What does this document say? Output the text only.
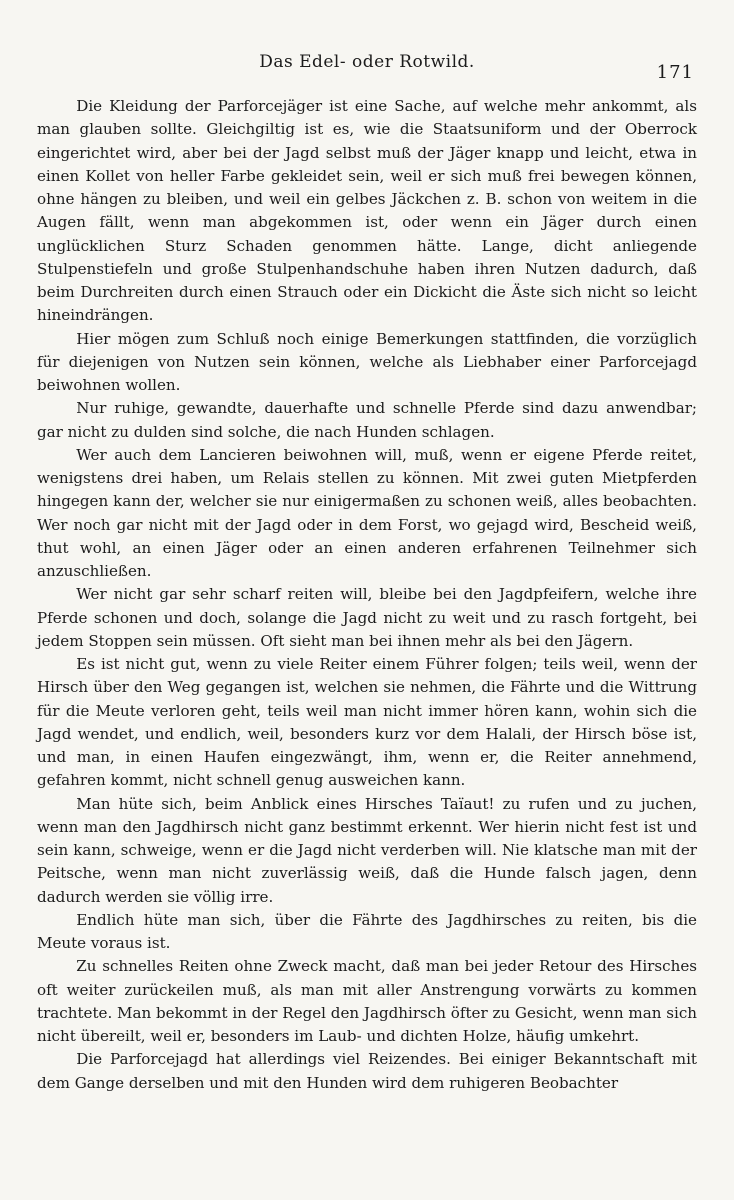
Das Edel- oder Rotwild.	171

Die Kleidung der Parforcejäger ist eine Sache, auf welche mehr ankommt, als man glauben sollte. Gleichgiltig ist es, wie die Staatsuniform und der Oberrock eingerichtet wird, aber bei der Jagd selbst muß der Jäger knapp und leicht, etwa in einen Kollet von heller Farbe gekleidet sein, weil er sich muß frei bewegen können, ohne hängen zu bleiben, und weil ein gelbes Jäckchen z. B. schon von weitem in die Augen fällt, wenn man abgekommen ist, oder wenn ein Jäger durch einen unglücklichen Sturz Schaden genommen hätte. Lange, dicht anliegende Stulpenstiefeln und große Stulpenhandschuhe haben ihren Nutzen dadurch, daß beim Durchreiten durch einen Strauch oder ein Dickicht die Äste sich nicht so leicht hineindrängen.

Hier mögen zum Schluß noch einige Bemerkungen stattfinden, die vorzüglich für diejenigen von Nutzen sein können, welche als Liebhaber einer Parforcejagd beiwohnen wollen.

Nur ruhige, gewandte, dauerhafte und schnelle Pferde sind dazu anwendbar; gar nicht zu dulden sind solche, die nach Hunden schlagen.

Wer auch dem Lancieren beiwohnen will, muß, wenn er eigene Pferde reitet, wenigstens drei haben, um Relais stellen zu können. Mit zwei guten Mietpferden hingegen kann der, welcher sie nur einigermaßen zu schonen weiß, alles beobachten. Wer noch gar nicht mit der Jagd oder in dem Forst, wo gejagd wird, Bescheid weiß, thut wohl, an einen Jäger oder an einen anderen erfahrenen Teilnehmer sich anzuschließen.

Wer nicht gar sehr scharf reiten will, bleibe bei den Jagdpfeifern, welche ihre Pferde schonen und doch, solange die Jagd nicht zu weit und zu rasch fortgeht, bei jedem Stoppen sein müssen. Oft sieht man bei ihnen mehr als bei den Jägern.

Es ist nicht gut, wenn zu viele Reiter einem Führer folgen; teils weil, wenn der Hirsch über den Weg gegangen ist, welchen sie nehmen, die Fährte und die Wittrung für die Meute verloren geht, teils weil man nicht immer hören kann, wohin sich die Jagd wendet, und endlich, weil, besonders kurz vor dem Halali, der Hirsch böse ist, und man, in einen Haufen eingezwängt, ihm, wenn er, die Reiter annehmend, gefahren kommt, nicht schnell genug ausweichen kann.

Man hüte sich, beim Anblick eines Hirsches Taïaut! zu rufen und zu juchen, wenn man den Jagdhirsch nicht ganz bestimmt erkennt. Wer hierin nicht fest ist und sein kann, schweige, wenn er die Jagd nicht verderben will. Nie klatsche man mit der Peitsche, wenn man nicht zuverlässig weiß, daß die Hunde falsch jagen, denn dadurch werden sie völlig irre.

Endlich hüte man sich, über die Fährte des Jagdhirsches zu reiten, bis die Meute voraus ist.

Zu schnelles Reiten ohne Zweck macht, daß man bei jeder Retour des Hirsches oft weiter zurückeilen muß, als man mit aller Anstrengung vorwärts zu kommen trachtete. Man bekommt in der Regel den Jagdhirsch öfter zu Gesicht, wenn man sich nicht übereilt, weil er, besonders im Laub- und dichten Holze, häufig umkehrt.

Die Parforcejagd hat allerdings viel Reizendes. Bei einiger Bekanntschaft mit dem Gange derselben und mit den Hunden wird dem ruhigeren Beobachter
